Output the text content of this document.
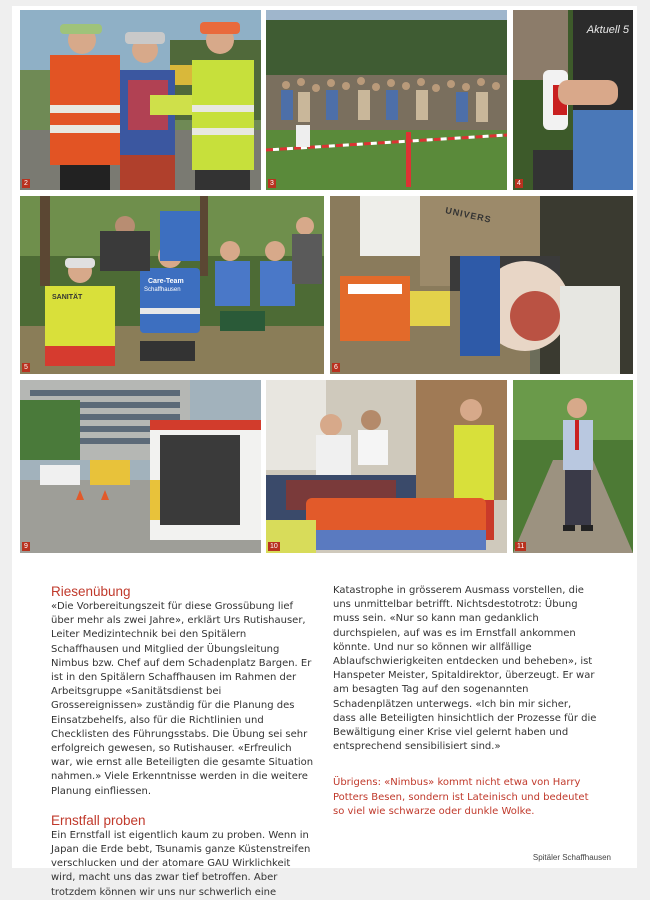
2	3
Aktuell 5
4
Care-Team
Schaffhausen
SANITÄT
5
UNIVERS
6
9	10	11
Riesenübung

«Die Vorbereitungszeit für diese Grossübung lief über mehr als zwei Jahre», erklärt Urs Rutishauser, Leiter Medizintechnik bei den Spitälern Schaffhausen und Mitglied der Übungsleitung Nimbus bzw. Chef auf dem Schadenplatz Bargen. Er ist in den Spitälern Schaffhausen im Rahmen der Arbeitsgruppe «Sanitätsdienst bei Grossereignissen» zuständig für die Planung des Einsatzbehelfs, also für die Richtlinien und Checklisten des Führungsstabs. Die Übung sei sehr erfolgreich gewesen, so Rutishauser. «Erfreulich war, wie ernst alle Beteiligten die gesamte Situation nahmen.» Viele Erkenntnisse werden in die weitere Planung einfliessen.

Ernstfall proben

Ein Ernstfall ist eigentlich kaum zu proben. Wenn in Japan die Erde bebt, Tsunamis ganze Küstenstreifen verschlucken und der atomare GAU Wirklichkeit wird, macht uns das zwar tief betroffen. Aber trotzdem können wir uns nur schwerlich eine

Katastrophe in grösserem Ausmass vorstellen, die uns unmittelbar betrifft. Nichtsdestotrotz: Übung muss sein. «Nur so kann man gedanklich durchspielen, auf was es im Ernstfall ankommen könnte. Und nur so können wir allfällige Ablaufschwierigkeiten entdecken und beheben», ist Hanspeter Meister, Spitaldirektor, überzeugt. Er war am besagten Tag auf den sogenannten Schadenplätzen unterwegs. «Ich bin mir sicher, dass alle Beteiligten hinsichtlich der Prozesse für die Bewältigung einer Krise viel gelernt haben und entsprechend sensibilisiert sind.»

Übrigens: «Nimbus» kommt nicht etwa von Harry Potters Besen, sondern ist Lateinisch und bedeutet so viel wie schwarze oder dunkle Wolke.

Spitäler Schaffhausen
